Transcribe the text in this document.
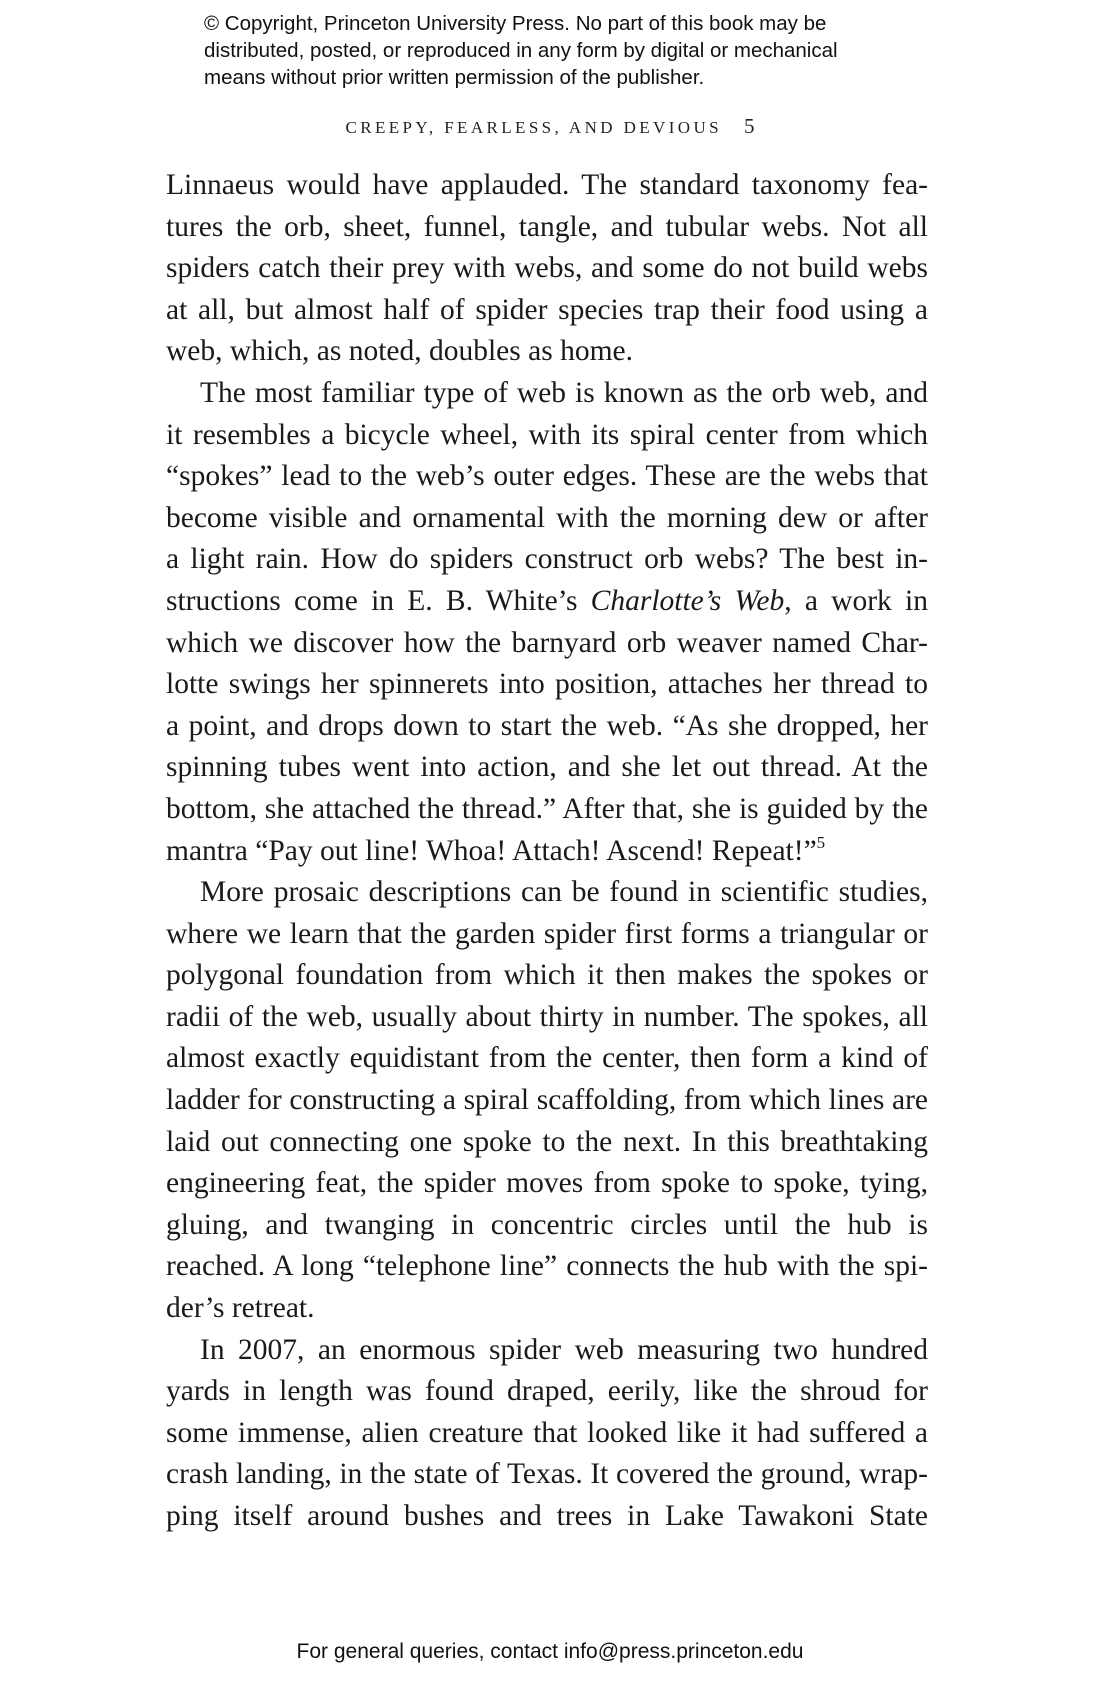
© Copyright, Princeton University Press. No part of this book may be
distributed, posted, or reproduced in any form by digital or mechanical
means without prior written permission of the publisher.
CREEPY, FEARLESS, AND DEVIOUS 5
Linnaeus would have applauded. The standard taxonomy fea-
tures the orb, sheet, funnel, tangle, and tubular webs. Not all
spiders catch their prey with webs, and some do not build webs
at all, but almost half of spider species trap their food using a
web, which, as noted, doubles as home.
The most familiar type of web is known as the orb web, and
it resembles a bicycle wheel, with its spiral center from which
“spokes” lead to the web’s outer edges. These are the webs that
become visible and ornamental with the morning dew or after
a light rain. How do spiders construct orb webs? The best in-
structions come in E. B. White’s Charlotte’s Web, a work in
which we discover how the barnyard orb weaver named Char-
lotte swings her spinnerets into position, attaches her thread to
a point, and drops down to start the web. “As she dropped, her
spinning tubes went into action, and she let out thread. At the
bottom, she attached the thread.” After that, she is guided by the
mantra “Pay out line! Whoa! Attach! Ascend! Repeat!”$^5$
More prosaic descriptions can be found in scientific studies,
where we learn that the garden spider first forms a triangular or
polygonal foundation from which it then makes the spokes or
radii of the web, usually about thirty in number. The spokes, all
almost exactly equidistant from the center, then form a kind of
ladder for constructing a spiral scaffolding, from which lines are
laid out connecting one spoke to the next. In this breathtaking
engineering feat, the spider moves from spoke to spoke, tying,
gluing, and twanging in concentric circles until the hub is
reached. A long “telephone line” connects the hub with the spi-
der’s retreat.
In 2007, an enormous spider web measuring two hundred
yards in length was found draped, eerily, like the shroud for
some immense, alien creature that looked like it had suffered a
crash landing, in the state of Texas. It covered the ground, wrap-
ping itself around bushes and trees in Lake Tawakoni State
For general queries, contact info@press.princeton.edu
